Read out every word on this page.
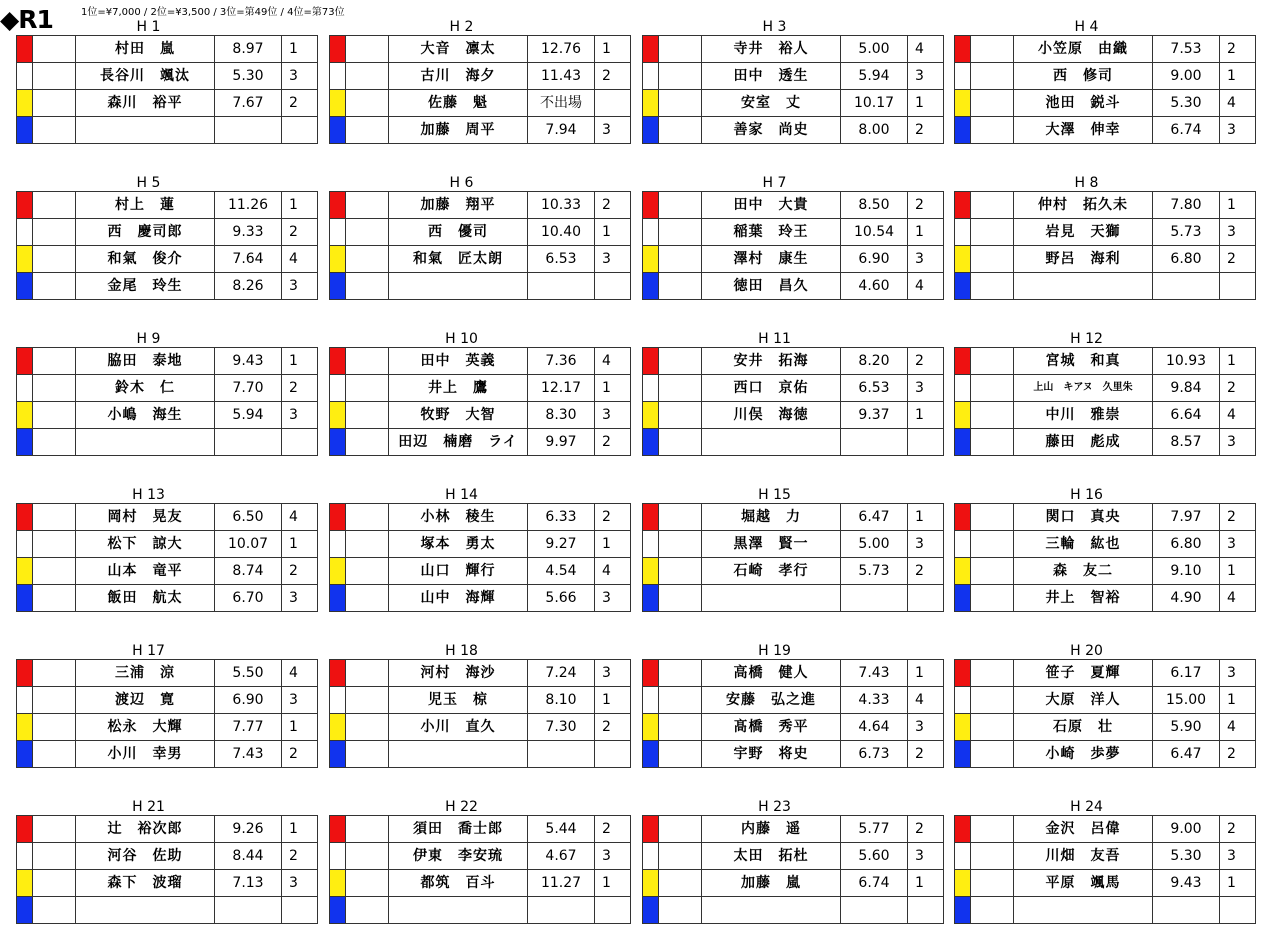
◆R1	1位=¥7,000 / 2位=¥3,500 / 3位=第49位 / 4位=第73位
H 1
		村田　嵐	8.97	1
		長谷川　颯汰	5.30	3
		森川　裕平	7.67	2

H 2
		大音　凛太	12.76	1
		古川　海夕	11.43	2
		佐藤　魁	不出場	
		加藤　周平	7.94	3
H 3
		寺井　裕人	5.00	4
		田中　透生	5.94	3
		安室　丈	10.17	1
		善家　尚史	8.00	2
H 4
		小笠原　由織	7.53	2
		西　修司	9.00	1
		池田　鋭斗	5.30	4
		大澤　伸幸	6.74	3
H 5
		村上　蓮	11.26	1
		西　慶司郎	9.33	2
		和氣　俊介	7.64	4
		金尾　玲生	8.26	3
H 6
		加藤　翔平	10.33	2
		西　優司	10.40	1
		和氣　匠太朗	6.53	3

H 7
		田中　大貴	8.50	2
		稲葉　玲王	10.54	1
		澤村　康生	6.90	3
		徳田　昌久	4.60	4
H 8
		仲村　拓久未	7.80	1
		岩見　天獅	5.73	3
		野呂　海利	6.80	2

H 9
		脇田　泰地	9.43	1
		鈴木　仁	7.70	2
		小嶋　海生	5.94	3

H 10
		田中　英義	7.36	4
		井上　鷹	12.17	1
		牧野　大智	8.30	3
		田辺　楠磨　ライ	9.97	2
H 11
		安井　拓海	8.20	2
		西口　京佑	6.53	3
		川俣　海徳	9.37	1

H 12
		宮城　和真	10.93	1
		上山　キアヌ　久里朱	9.84	2
		中川　雅崇	6.64	4
		藤田　彪成	8.57	3
H 13
		岡村　晃友	6.50	4
		松下　諒大	10.07	1
		山本　竜平	8.74	2
		飯田　航太	6.70	3
H 14
		小林　稜生	6.33	2
		塚本　勇太	9.27	1
		山口　輝行	4.54	4
		山中　海輝	5.66	3
H 15
		堀越　力	6.47	1
		黒澤　賢一	5.00	3
		石崎　孝行	5.73	2

H 16
		関口　真央	7.97	2
		三輪　紘也	6.80	3
		森　友二	9.10	1
		井上　智裕	4.90	4
H 17
		三浦　涼	5.50	4
		渡辺　寛	6.90	3
		松永　大輝	7.77	1
		小川　幸男	7.43	2
H 18
		河村　海沙	7.24	3
		児玉　椋	8.10	1
		小川　直久	7.30	2

H 19
		高橋　健人	7.43	1
		安藤　弘之進	4.33	4
		髙橋　秀平	4.64	3
		宇野　将史	6.73	2
H 20
		笹子　夏輝	6.17	3
		大原　洋人	15.00	1
		石原　壮	5.90	4
		小崎　歩夢	6.47	2
H 21
		辻　裕次郎	9.26	1
		河谷　佐助	8.44	2
		森下　波瑠	7.13	3

H 22
		須田　喬士郎	5.44	2
		伊東　李安琉	4.67	3
		都筑　百斗	11.27	1

H 23
		内藤　遥	5.77	2
		太田　拓杜	5.60	3
		加藤　嵐	6.74	1

H 24
		金沢　呂偉	9.00	2
		川畑　友吾	5.30	3
		平原　颯馬	9.43	1
